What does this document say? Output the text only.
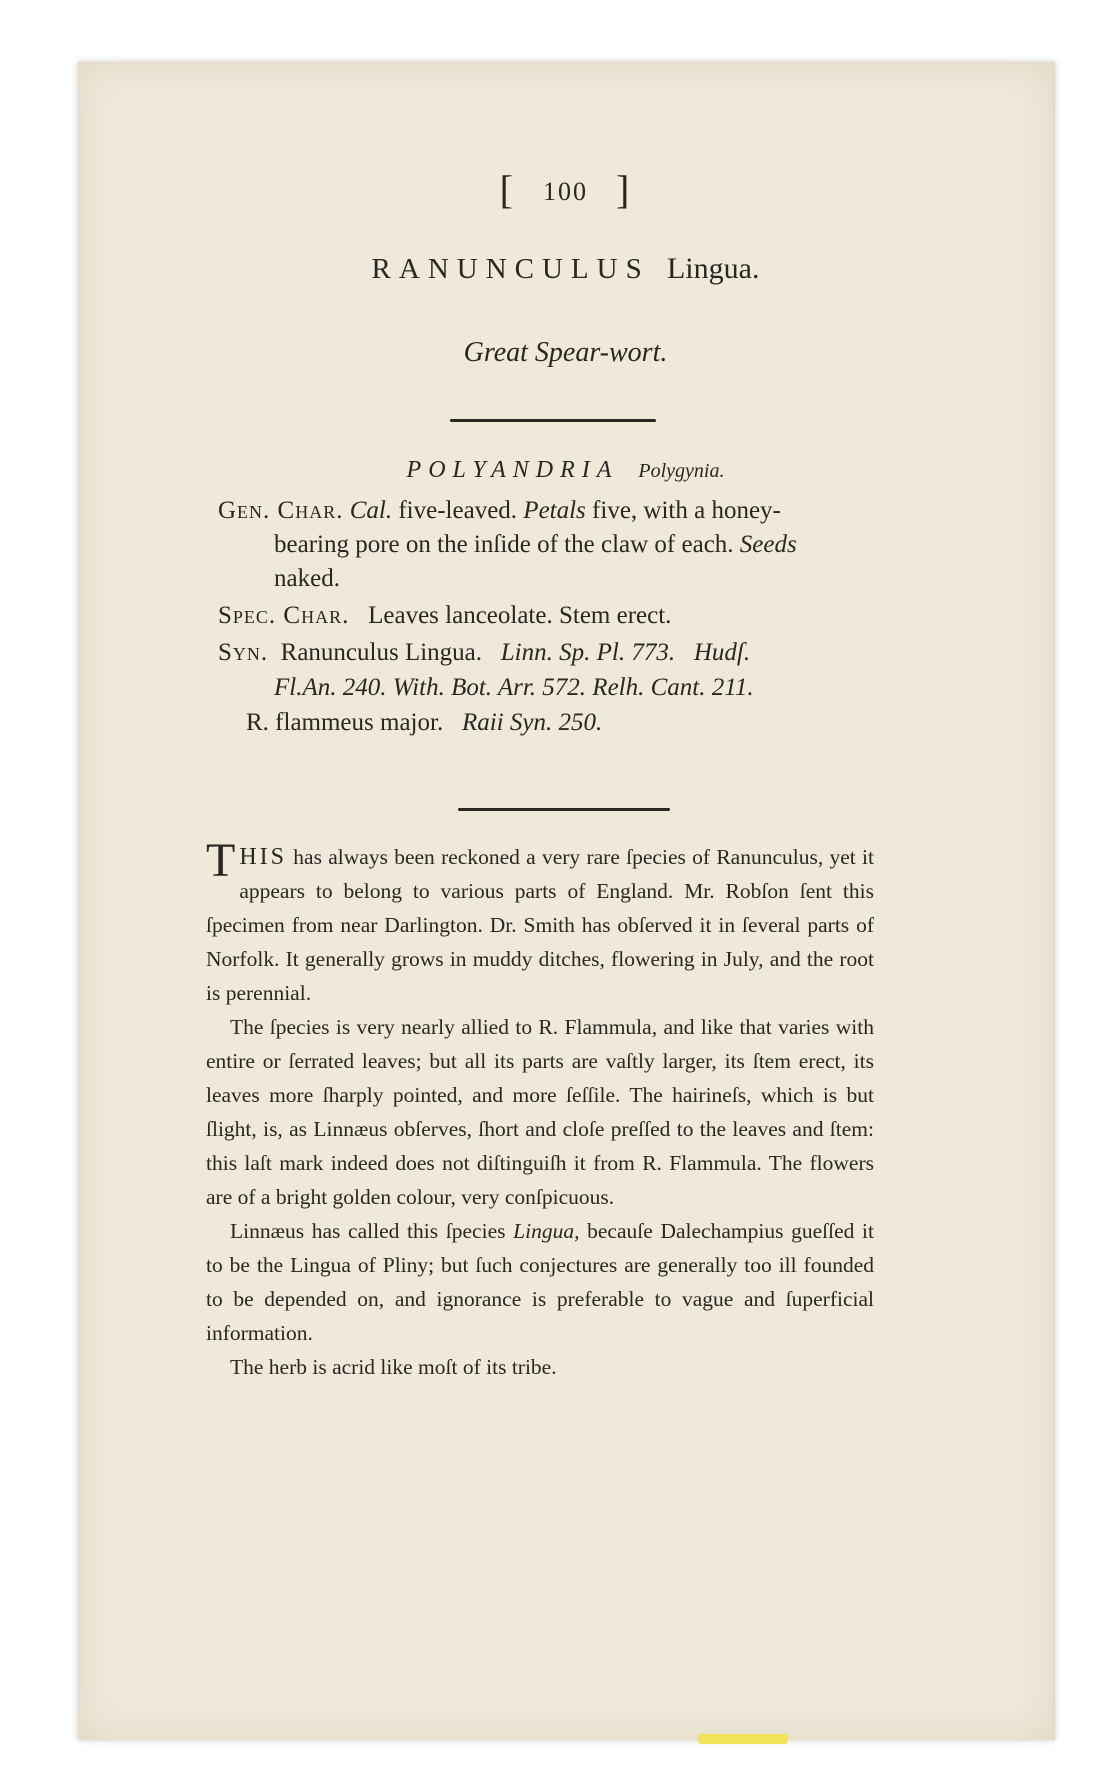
[ 100 ]
RANUNCULUS Lingua.
Great Spear-wort.
POLYANDRIA Polygynia.
Gen. Char. Cal. five-leaved. Petals five, with a honey-
bearing pore on the inſide of the claw of each. Seeds
naked.
Spec. Char. Leaves lanceolate. Stem erect.
Syn. Ranunculus Lingua. Linn. Sp. Pl. 773. Hudſ.
Fl.An. 240. With. Bot. Arr. 572. Relh. Cant. 211.
R. flammeus major. Raii Syn. 250.

THIS has always been reckoned a very rare ſpecies of Ranunculus, yet it appears to belong to various parts of England. Mr. Robſon ſent this ſpecimen from near Darlington. Dr. Smith has obſerved it in ſeveral parts of Norfolk. It generally grows in muddy ditches, flowering in July, and the root is perennial.

The ſpecies is very nearly allied to R. Flammula, and like that varies with entire or ſerrated leaves; but all its parts are vaſtly larger, its ſtem erect, its leaves more ſharply pointed, and more ſeſſile. The hairineſs, which is but ſlight, is, as Linnæus obſerves, ſhort and cloſe preſſed to the leaves and ſtem: this laſt mark indeed does not diſtinguiſh it from R. Flammula. The flowers are of a bright golden colour, very conſpicuous.

Linnæus has called this ſpecies Lingua, becauſe Dalechampius gueſſed it to be the Lingua of Pliny; but ſuch conjectures are generally too ill founded to be depended on, and ignorance is preferable to vague and ſuperficial information.

The herb is acrid like moſt of its tribe.
